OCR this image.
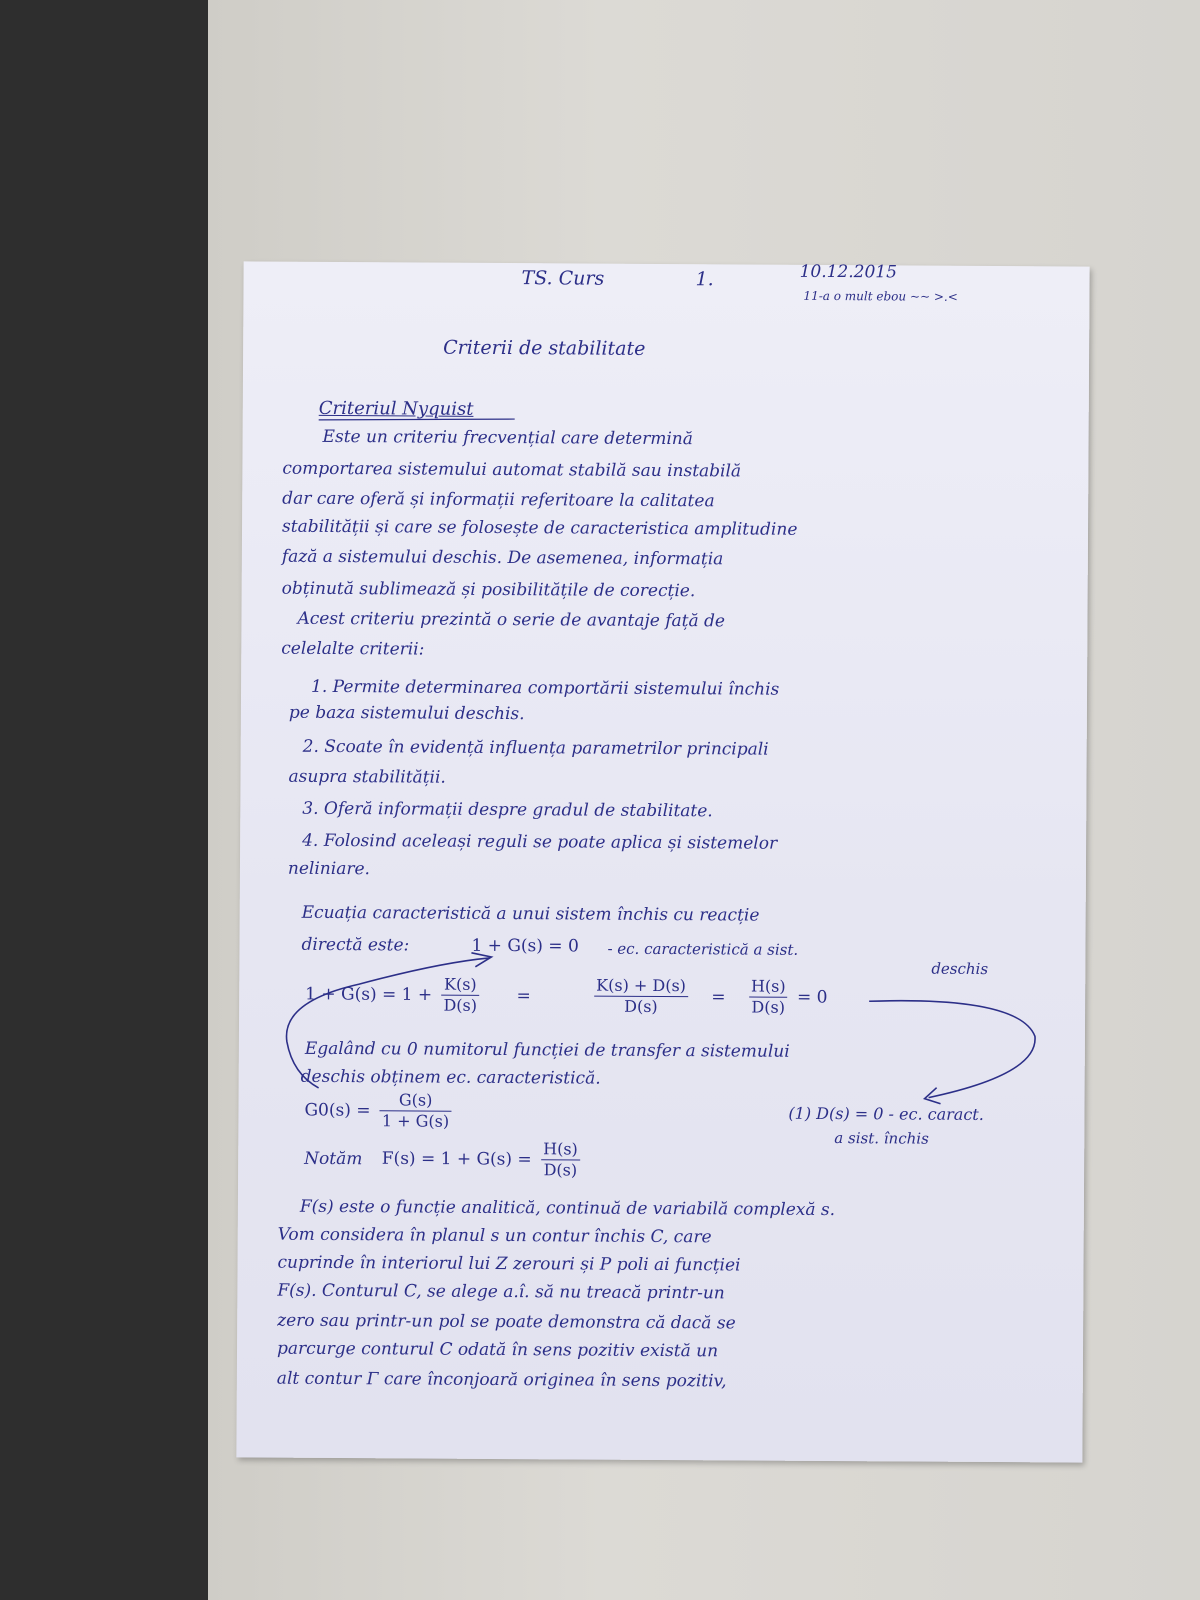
TS. Curs	1.	10.12.2015
11-a o mult ebou ~~ >.<
Criterii de stabilitate
Criteriul Nyquist
Este un criteriu frecvențial care determină
comportarea sistemului automat stabilă sau instabilă
dar care oferă și informații referitoare la calitatea
stabilității și care se folosește de caracteristica amplitudine
fază a sistemului deschis. De asemenea, informația
obținută sublimează și posibilitățile de corecție.
Acest criteriu prezintă o serie de avantaje față de
celelalte criterii:
1. Permite determinarea comportării sistemului închis
pe baza sistemului deschis.
2. Scoate în evidență influența parametrilor principali
asupra stabilității.
3. Oferă informații despre gradul de stabilitate.
4. Folosind aceleași reguli se poate aplica și sistemelor
neliniare.
Ecuația caracteristică a unui sistem închis cu reacție
directă este:	1 + G(s) = 0 - ec. caracteristică a sist.
deschis
$1 + G(s) = 1 + \frac{K(s)}{D(s)}$ =	$\frac{K(s) + D(s)}{D(s)} = \frac{H(s)}{D(s)} = 0$
Egalând cu 0 numitorul funcției de transfer a sistemului
deschis obținem ec. caracteristică.
$G0(s) = \frac{G(s)}{1 + G(s)}$	(1) D(s) = 0 - ec. caract.
a sist. închis
Notăm $F(s) = 1 + G(s) = \frac{H(s)}{D(s)}$
F(s) este o funcție analitică, continuă de variabilă complexă s.
Vom considera în planul s un contur închis C, care
cuprinde în interiorul lui Z zerouri și P poli ai funcției
F(s). Conturul C, se alege a.î. să nu treacă printr-un
zero sau printr-un pol se poate demonstra că dacă se
parcurge conturul C odată în sens pozitiv există un
alt contur Γ care înconjoară originea în sens pozitiv,
